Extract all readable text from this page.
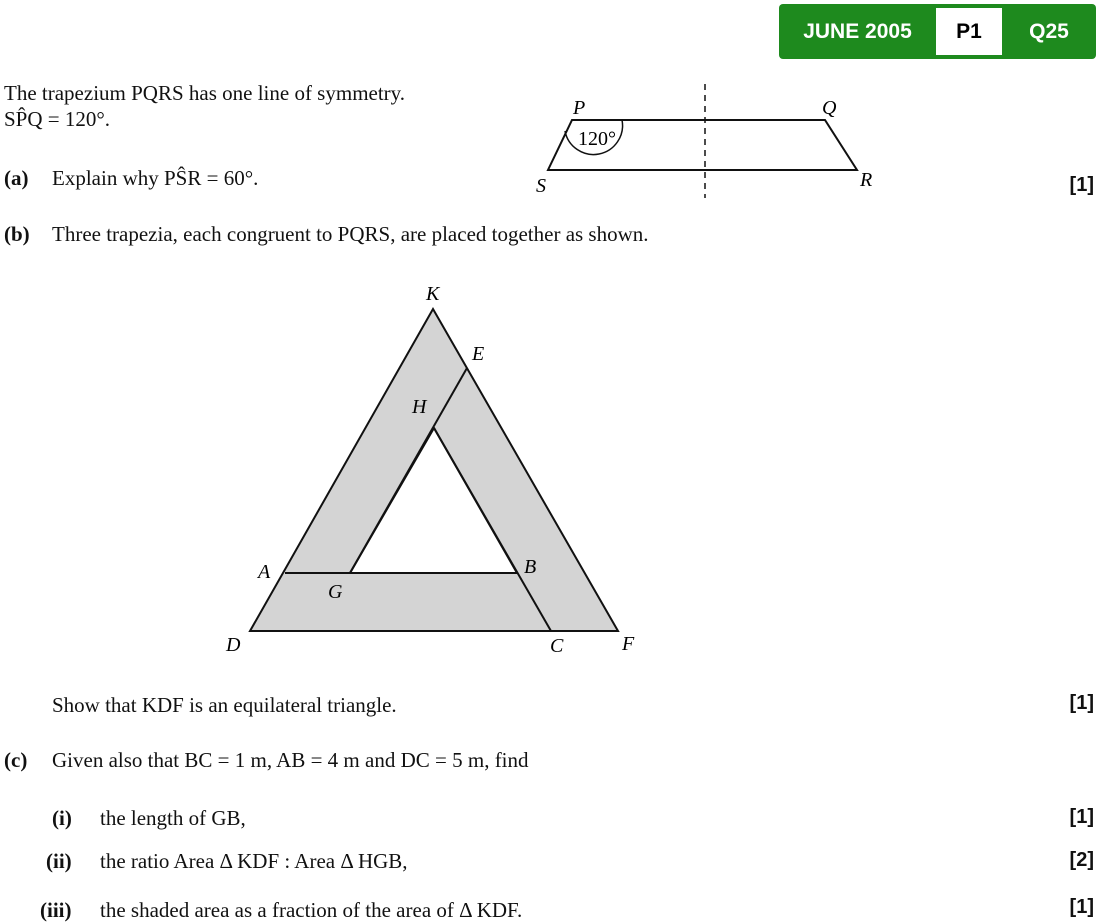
JUNE 2005	P1	Q25
The trapezium PQRS has one line of symmetry.
SP̂Q = 120°.
(a) Explain why PŜR = 60°.	[1]
120°
P	Q
R
S
(b) Three trapezia, each congruent to PQRS, are placed together as shown.
K
E
H
A
G
B
D	C	F
Show that KDF is an equilateral triangle.	[1]
(c) Given also that BC = 1 m, AB = 4 m and DC = 5 m, find
(i) the length of GB,	[1]
(ii) the ratio Area Δ KDF : Area Δ HGB,	[2]
(iii) the shaded area as a fraction of the area of Δ KDF.	[1]
